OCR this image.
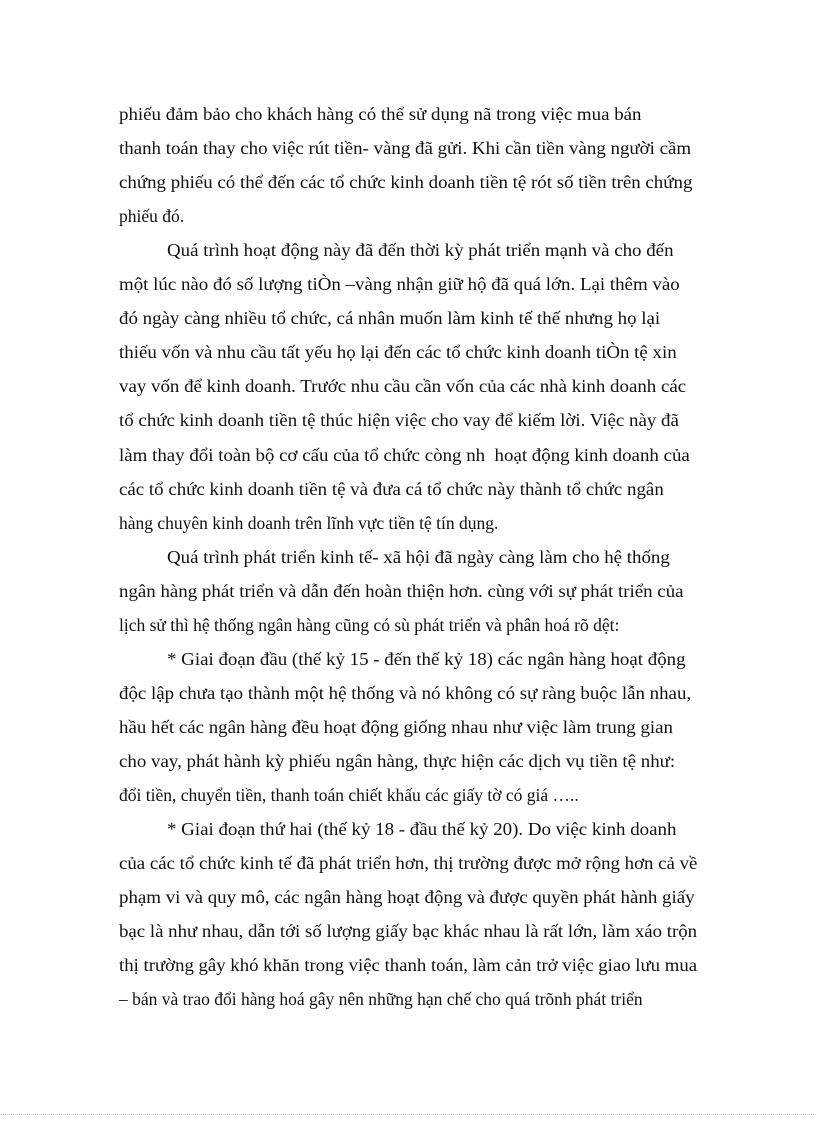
phiếu đảm bảo cho khách hàng có thể sử dụng nã trong việc mua bán
thanh toán thay cho việc rút tiền- vàng đã gửi. Khi cần tiền vàng người cầm
chứng phiếu có thể đến các tổ chức kinh doanh tiền tệ rót số tiền trên chứng
phiếu đó.
Quá trình hoạt động này đã đến thời kỳ phát triển mạnh và cho đến
một lúc nào đó số lượng tiÒn –vàng nhận giữ hộ đã quá lớn. Lại thêm vào
đó ngày càng nhiều tổ chức, cá nhân muốn làm kinh tế thế nhưng họ lại
thiếu vốn và nhu cầu tất yếu họ lại đến các tổ chức kinh doanh tiÒn tệ xin
vay vốn để kinh doanh. Trước nhu cầu cần vốn của các nhà kinh doanh các
tổ chức kinh doanh tiền tệ thúc hiện việc cho vay để kiếm lời. Việc này đã
làm thay đổi toàn bộ cơ cấu của tổ chức còng nh  hoạt động kinh doanh của
các tổ chức kinh doanh tiền tệ và đưa cá tổ chức này thành tổ chức ngân
hàng chuyên kinh doanh trên lĩnh vực tiền tệ tín dụng.
Quá trình phát triển kinh tế- xã hội đã ngày càng làm cho hệ thống
ngân hàng phát triển và dẫn đến hoàn thiện hơn. cùng với sự phát triển của
lịch sử thì hệ thống ngân hàng cũng có sù phát triển và phân hoá rõ dệt:
* Giai đoạn đầu (thế kỷ 15 - đến thế kỷ 18) các ngân hàng hoạt động
độc lập chưa tạo thành một hệ thống và nó không có sự ràng buộc lẫn nhau,
hầu hết các ngân hàng đều hoạt động giống nhau như việc làm trung gian
cho vay, phát hành kỳ phiếu ngân hàng, thực hiện các dịch vụ tiền tệ như:
đổi tiền, chuyển tiền, thanh toán chiết khấu các giấy tờ có giá …..
* Giai đoạn thứ hai (thế kỷ 18 - đầu thế kỷ 20). Do việc kinh doanh
của các tổ chức kinh tế đã phát triển hơn, thị trường được mở rộng hơn cả về
phạm vi và quy mô, các ngân hàng hoạt động và được quyền phát hành giấy
bạc là như nhau, dẫn tới số lượng giấy bạc khác nhau là rất lớn, làm xáo trộn
thị trường gây khó khăn trong việc thanh toán, làm cản trở việc giao lưu mua
– bán và trao đổi hàng hoá gây nên những hạn chế cho quá trõnh phát triển
